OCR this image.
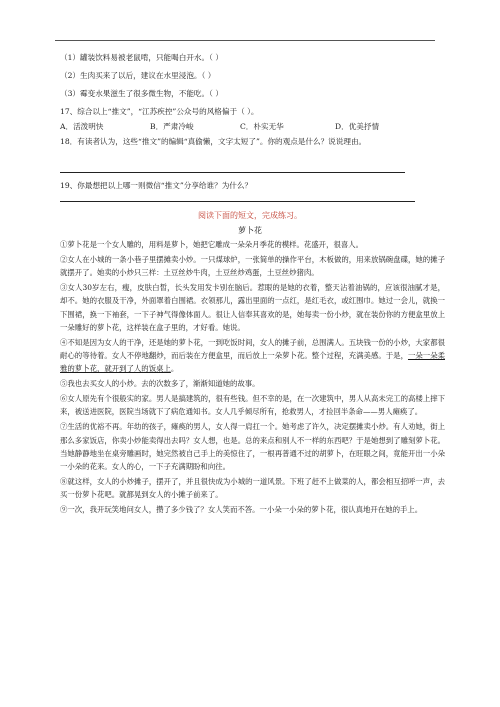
（1）罐装饮料易被老鼠啃，只能喝白开水。（ ）
（2）生肉买来了以后，建议在水里浸泡。（ ）
（3）霉变水果滋生了很多微生物，不能吃。（ ）
17、综合以上“推文”，“江苏疾控”公众号的风格偏于（ ）。
A．活泼明快	B．严肃冷峻	C．朴实无华	D．优美抒情
18．有读者认为，这些“推文”的编辑“真偷懒，文字太短了”。你的观点是什么？说说理由。
19、你最想把以上哪一则微信“推文”分享给谁？为什么？
阅读下面的短文，完成练习。
萝卜花

①萝卜花是一个女人雕的，用料是萝卜，她把它雕成一朵朵月季花的模样。花盛开，很喜人。

②女人在小城的一条小巷子里摆摊卖小炒。一只煤球炉，一张简单的操作平台，木板做的，用来放锅碗盘碟，她的摊子就摆开了。她卖的小炒只三样：土豆丝炒牛肉，土豆丝炒鸡蛋，土豆丝炒猪肉。

③女人30岁左右，瘦，皮肤白皙，长头发用发卡别在脑后。惹眼的是她的衣着，整天沾着油锅的，应该很油腻才是，却不。她的衣服及干净，外面罩着白围裙。衣领那儿，露出里面的一点红，是红毛衣，或红围巾。她过一会儿，就换一下围裙，换一下袖套，一下子神气得像体面人。很让人信奉其喜欢的是，她每卖一份小炒，就在装份你的方便盒里放上一朵雕好的萝卜花，这样装在盒子里的，才好看。她说。

④不知是因为女人的干净，还是她的萝卜花，一到吃饭时间，女人的摊子前，总围满人。五块钱一份的小炒，大家都很耐心的等待着。女人不停地翻炒，而后装在方便盒里，而后放上一朵萝卜花。整个过程，充满美感。于是，一朵一朵柔雅的萝卜花，就开到了人的饭桌上。

⑤我也去买女人的小炒。去的次数多了，渐渐知道她的故事。

⑥女人原先有个很般实的家。男人是搞建筑的，很有些钱。但不幸的是，在一次建筑中，男人从高未完工的高楼上摔下来，被送进医院，医院当场就下了病危通知书。女人几乎倾尽所有，抢救男人，才捡回半条命——男人瘫痪了。

⑦生活的优裕不再。年幼的孩子，瘫痪的男人，女人得一肩扛一个。她考虑了许久，决定摆摊卖小炒。有人劝她，街上那么多家饭店，你卖小炒能卖得出去吗？女人想，也是。总的来点和别人不一样的东西吧？于是她想到了雕刻萝卜花。当她静静地坐在桌旁雕画时，她完然被自己手上的美惊住了，一根再普通不过的胡萝卜，在旺眼之间，竟能开出一小朵一小朵的花来。女人的心，一下子充满期盼和向往。

⑧就这样，女人的小炒摊子，摆开了，并且很快成为小城的一道风景。下班了赶不上做菜的人，都会相互招呼一声，去买一份萝卜花吧。就都晃到女人的小摊子前来了。

⑨一次，我开玩笑地问女人，攒了多少钱了？女人笑而不答。一小朵一小朵的萝卜花，很认真地开在她的手上。
